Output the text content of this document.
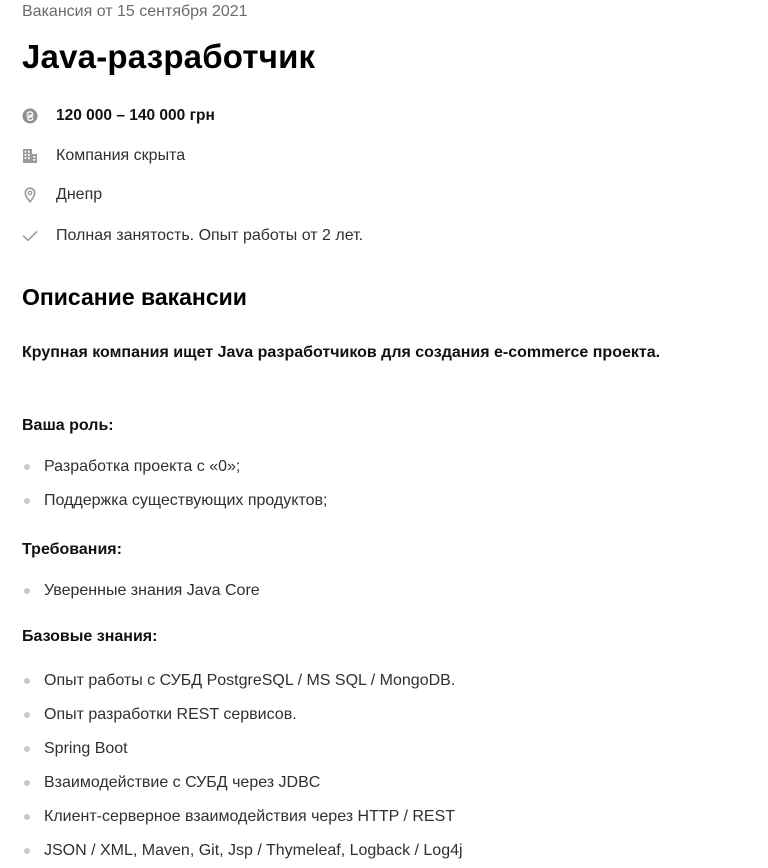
Вакансия от 15 сентября 2021
Java-разработчик
120 000 – 140 000 грн
Компания скрыта
Днепр
Полная занятость. Опыт работы от 2 лет.
Описание вакансии

Крупная компания ищет Java разработчиков для создания e-commerce проекта.

Ваша роль:
Разработка проекта с «0»;
Поддержка существующих продуктов;
Требования:
Уверенные знания Java Core
Базовые знания:
Опыт работы с СУБД PostgreSQL / MS SQL / MongoDB.
Опыт разработки REST сервисов.
Spring Boot
Взаимодействие с СУБД через JDBC
Клиент-серверное взаимодействия через HTTP / REST
JSON / XML, Maven, Git, Jsp / Thymeleaf, Logback / Log4j
